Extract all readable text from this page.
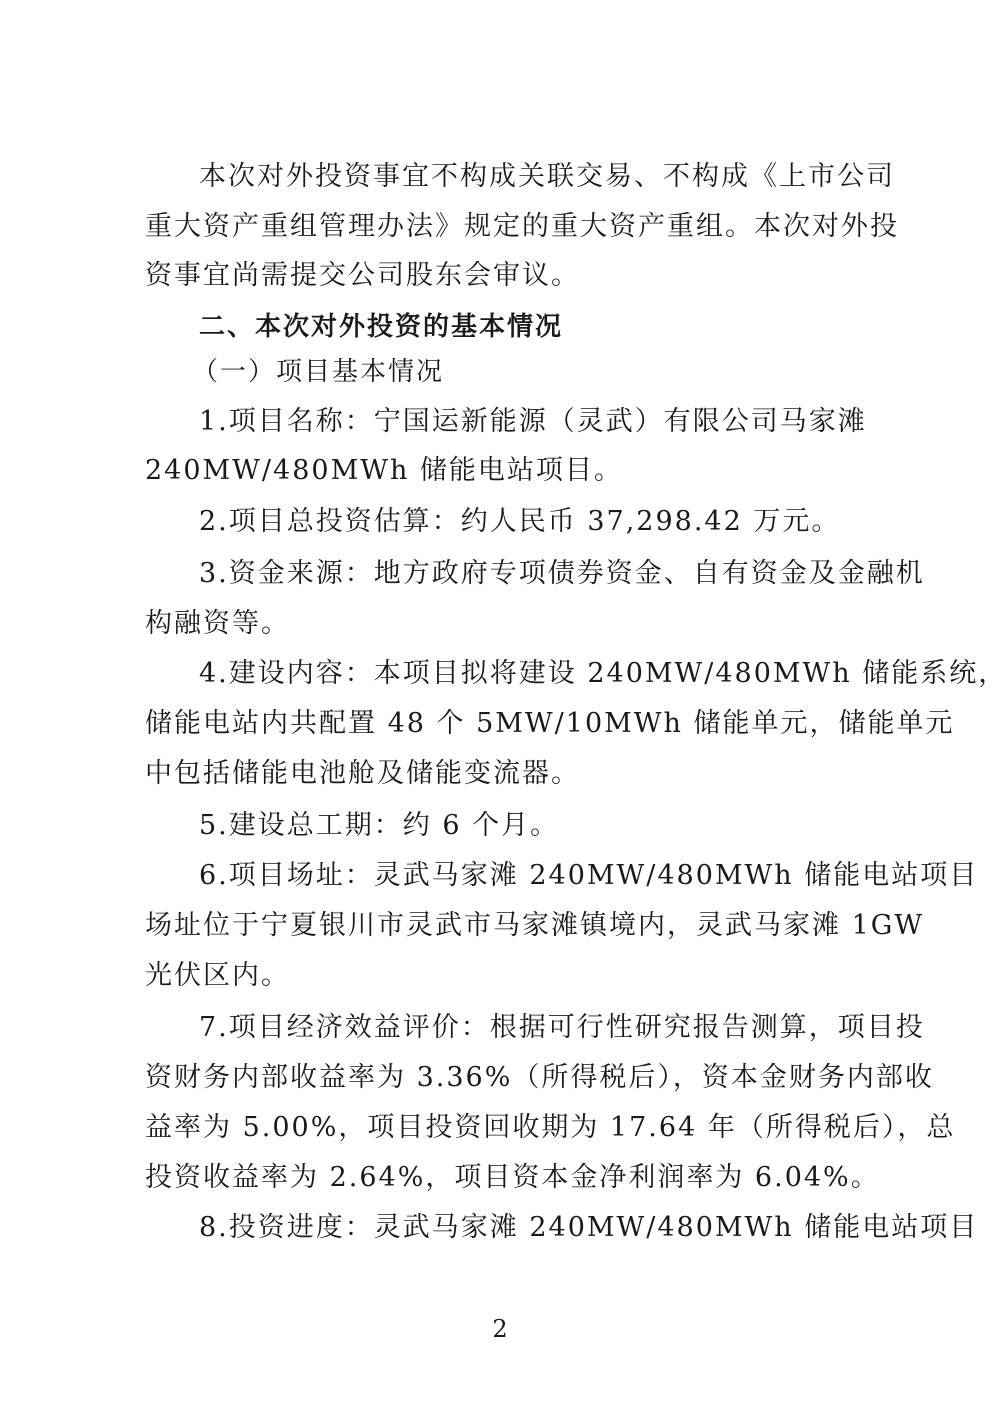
本次对外投资事宜不构成关联交易、不构成《上市公司
重大资产重组管理办法》规定的重大资产重组。本次对外投
资事宜尚需提交公司股东会审议。
二、本次对外投资的基本情况
（一）项目基本情况
1.项目名称：宁国运新能源（灵武）有限公司马家滩
240MW/480MWh 储能电站项目。
2.项目总投资估算：约人民币 37,298.42 万元。
3.资金来源：地方政府专项债券资金、自有资金及金融机
构融资等。
4.建设内容：本项目拟将建设 240MW/480MWh 储能系统，
储能电站内共配置 48 个 5MW/10MWh 储能单元，储能单元
中包括储能电池舱及储能变流器。
5.建设总工期：约 6 个月。
6.项目场址：灵武马家滩 240MW/480MWh 储能电站项目
场址位于宁夏银川市灵武市马家滩镇境内，灵武马家滩 1GW
光伏区内。
7.项目经济效益评价：根据可行性研究报告测算，项目投
资财务内部收益率为 3.36%（所得税后），资本金财务内部收
益率为 5.00%，项目投资回收期为 17.64 年（所得税后），总
投资收益率为 2.64%，项目资本金净利润率为 6.04%。
8.投资进度：灵武马家滩 240MW/480MWh 储能电站项目
2
